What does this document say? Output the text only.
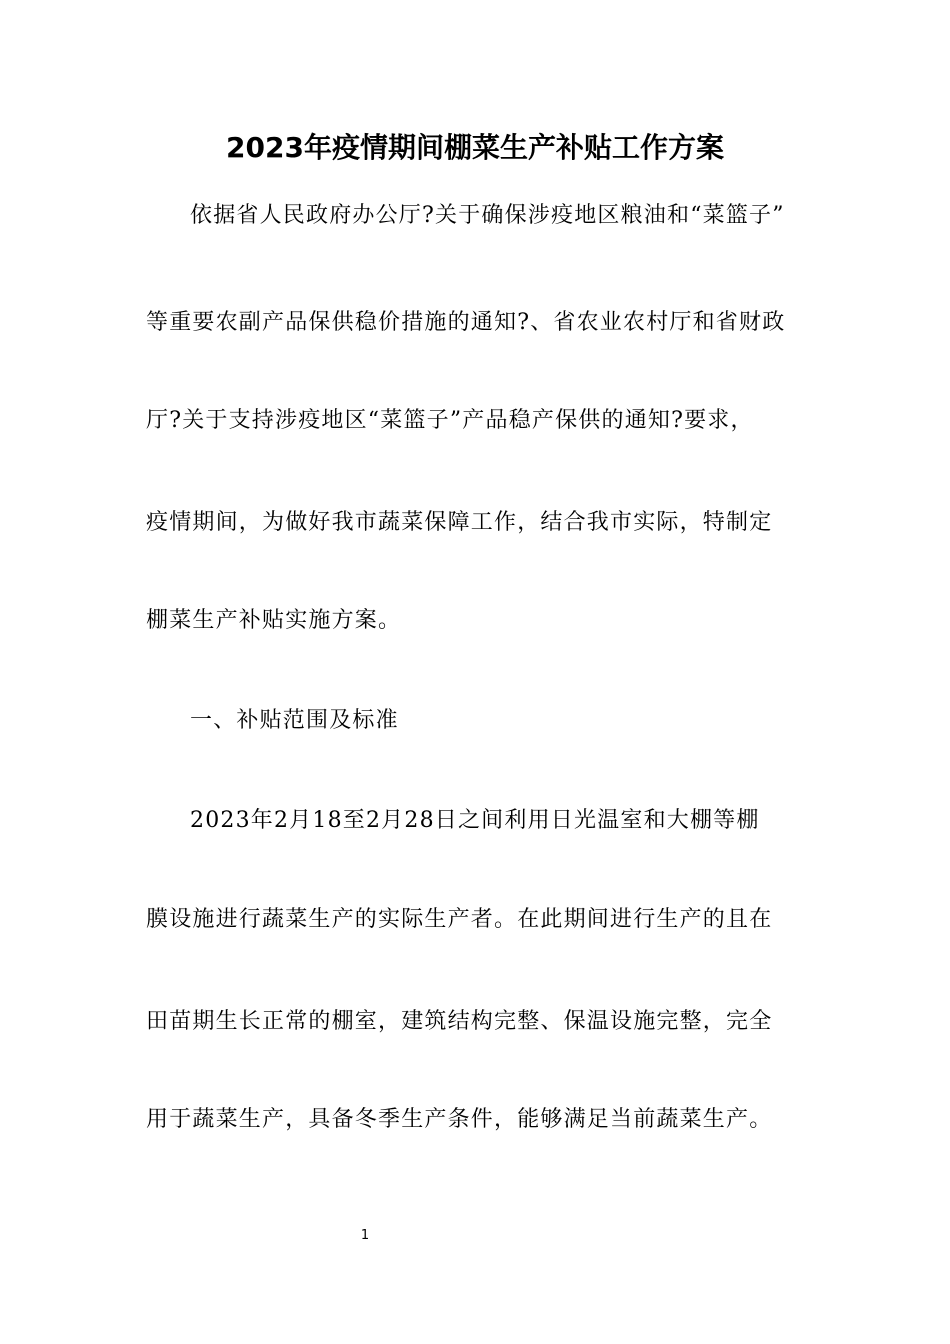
2023年疫情期间棚菜生产补贴工作方案
依据省人民政府办公厅?关于确保涉疫地区粮油和“菜篮子”
等重要农副产品保供稳价措施的通知?、省农业农村厅和省财政
厅?关于支持涉疫地区“菜篮子”产品稳产保供的通知?要求，
疫情期间，为做好我市蔬菜保障工作，结合我市实际，特制定
棚菜生产补贴实施方案。
一、补贴范围及标准
2023年2月18至2月28日之间利用日光温室和大棚等棚
膜设施进行蔬菜生产的实际生产者。在此期间进行生产的且在
田苗期生长正常的棚室，建筑结构完整、保温设施完整，完全
用于蔬菜生产，具备冬季生产条件，能够满足当前蔬菜生产。
1
